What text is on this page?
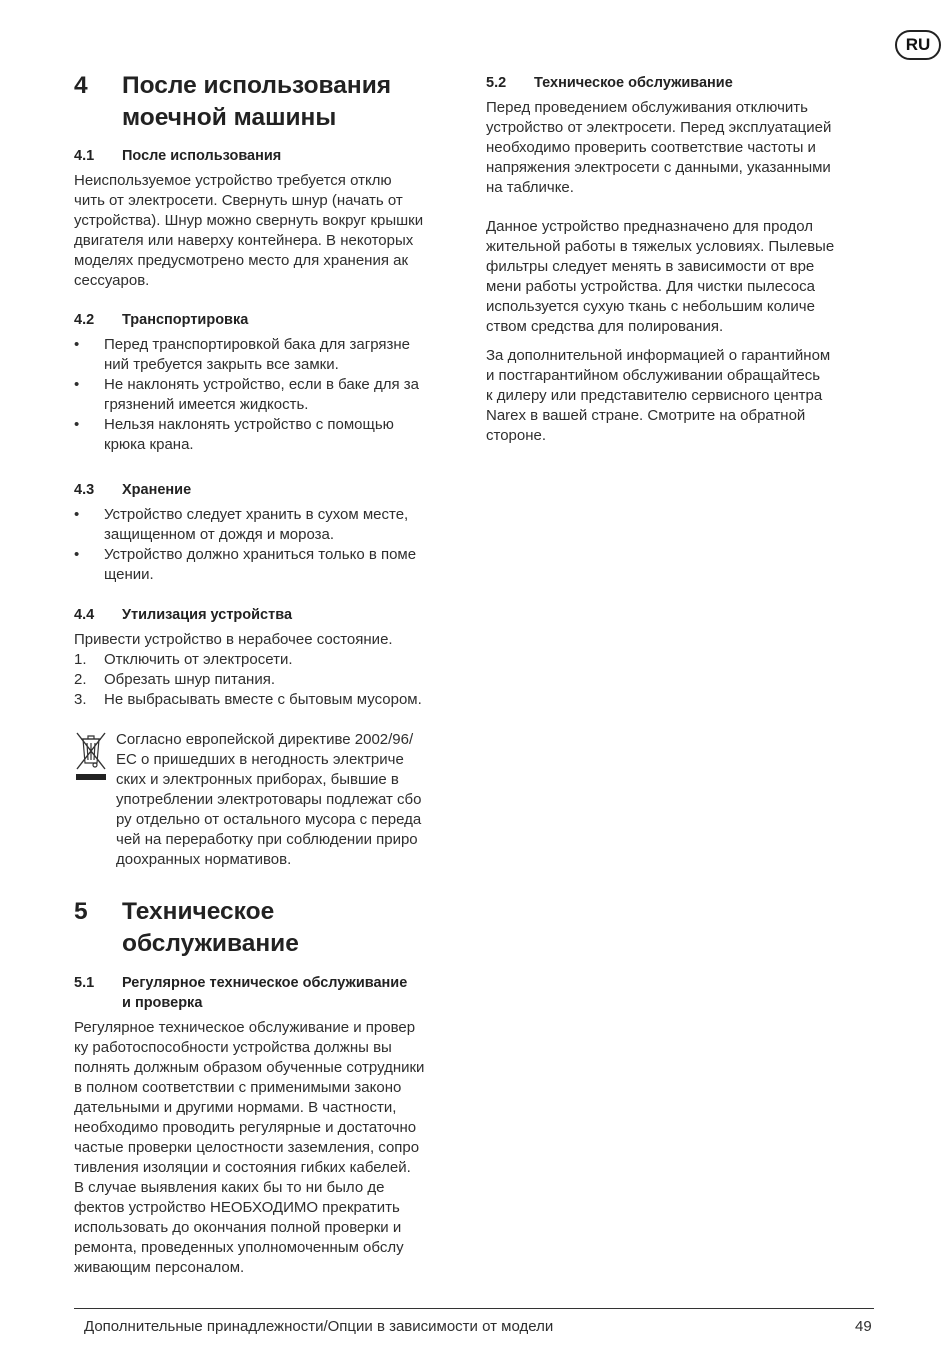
RU
4	После использования
моечной машины
4.1	После использования
Неиспользуемое устройство требуется отклю
чить от электросети. Свернуть шнур (начать от
устройства). Шнур можно свернуть вокруг крышки
двигателя или наверху контейнера. В некоторых
моделях предусмотрено место для хранения ак
сессуаров.
4.2	Транспортировка
•	Перед транспортировкой бака для загрязне
ний требуется закрыть все замки.
•	Не наклонять устройство, если в баке для за
грязнений имеется жидкость.
•	Нельзя наклонять устройство с помощью
крюка крана.
4.3	Хранение
•	Устройство следует хранить в сухом месте,
защищенном от дождя и мороза.
•	Устройство должно храниться только в поме
щении.
4.4	Утилизация устройства
Привести устройство в нерабочее состояние.
1.	Отключить от электросети.
2.	Обрезать шнур питания.
3.	Не выбрасывать вместе с бытовым мусором.
Согласно европейской директиве 2002/96/
ЕС о пришедших в негодность электриче
ских и электронных приборах, бывшие в
употреблении электротовары подлежат сбо
ру отдельно от остального мусора с переда
чей на переработку при соблюдении приро
доохранных нормативов.
5	Техническое
обслуживание
5.1	Регулярное техническое обслуживание
и проверка
Регулярное техническое обслуживание и провер
ку работоспособности устройства должны вы
полнять должным образом обученные сотрудники
в полном соответствии с применимыми законо
дательными и другими нормами. В частности,
необходимо проводить регулярные и достаточно
частые проверки целостности заземления, сопро
тивления изоляции и состояния гибких кабелей.
В случае выявления каких бы то ни было де
фектов устройство НЕОБХОДИМО прекратить
использовать до окончания полной проверки и
ремонта, проведенных уполномоченным обслу
живающим персоналом.
5.2	Техническое обслуживание
Перед проведением обслуживания отключить
устройство от электросети. Перед эксплуатацией
необходимо проверить соответствие частоты и
напряжения электросети с данными, указанными
на табличке.
Данное устройство предназначено для продол
жительной работы в тяжелых условиях. Пылевые
фильтры следует менять в зависимости от вре
мени работы устройства. Для чистки пылесоса
используется сухую ткань с небольшим количе
ством средства для полирования.
За дополнительной информацией о гарантийном
и постгарантийном обслуживании обращайтесь
к дилеру или представителю сервисного центра
Narex в вашей стране. Смотрите на обратной
стороне.
Дополнительные принадлежности/Опции в зависимости от модели	49
